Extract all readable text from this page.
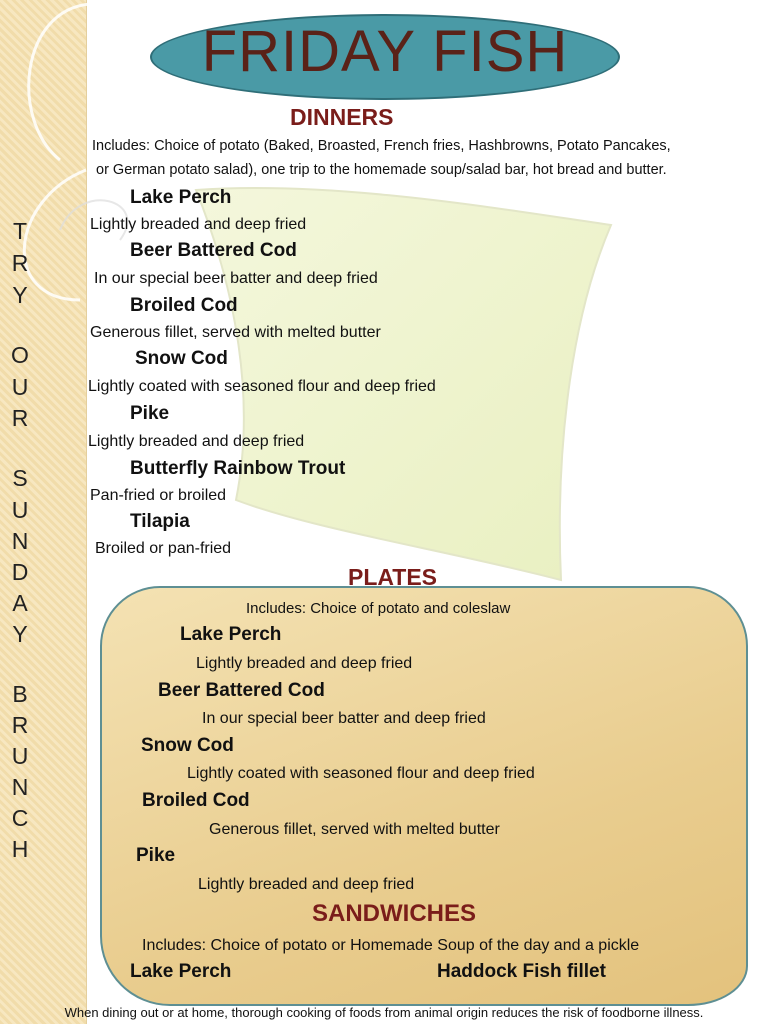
T
R
Y
O
U
R
S
U
N
D
A
Y
B
R
U
N
C
H
FRIDAY FISH
DINNERS
Includes: Choice of potato (Baked, Broasted, French fries, Hashbrowns, Potato Pancakes,
or German potato salad), one trip to the homemade soup/salad bar, hot bread and butter.
Lake Perch
Lightly breaded and deep fried
Beer Battered Cod
In our special beer batter and deep fried
Broiled Cod
Generous fillet, served with melted butter
Snow Cod
Lightly coated with seasoned flour and deep fried
Pike
Lightly breaded and deep fried
Butterfly Rainbow Trout
Pan-fried or broiled
Tilapia
Broiled or pan-fried
PLATES
Includes: Choice of potato and coleslaw
Lake Perch
Lightly breaded and deep fried
Beer Battered Cod
In our special beer batter and deep fried
Snow Cod
Lightly coated with seasoned flour and deep fried
Broiled Cod
Generous fillet, served with melted butter
Pike
Lightly breaded and deep fried
SANDWICHES
Includes: Choice of potato or Homemade Soup of the day and a pickle
Lake Perch	Haddock Fish fillet
When dining out or at home, thorough cooking of foods from animal origin reduces the risk of foodborne illness.
